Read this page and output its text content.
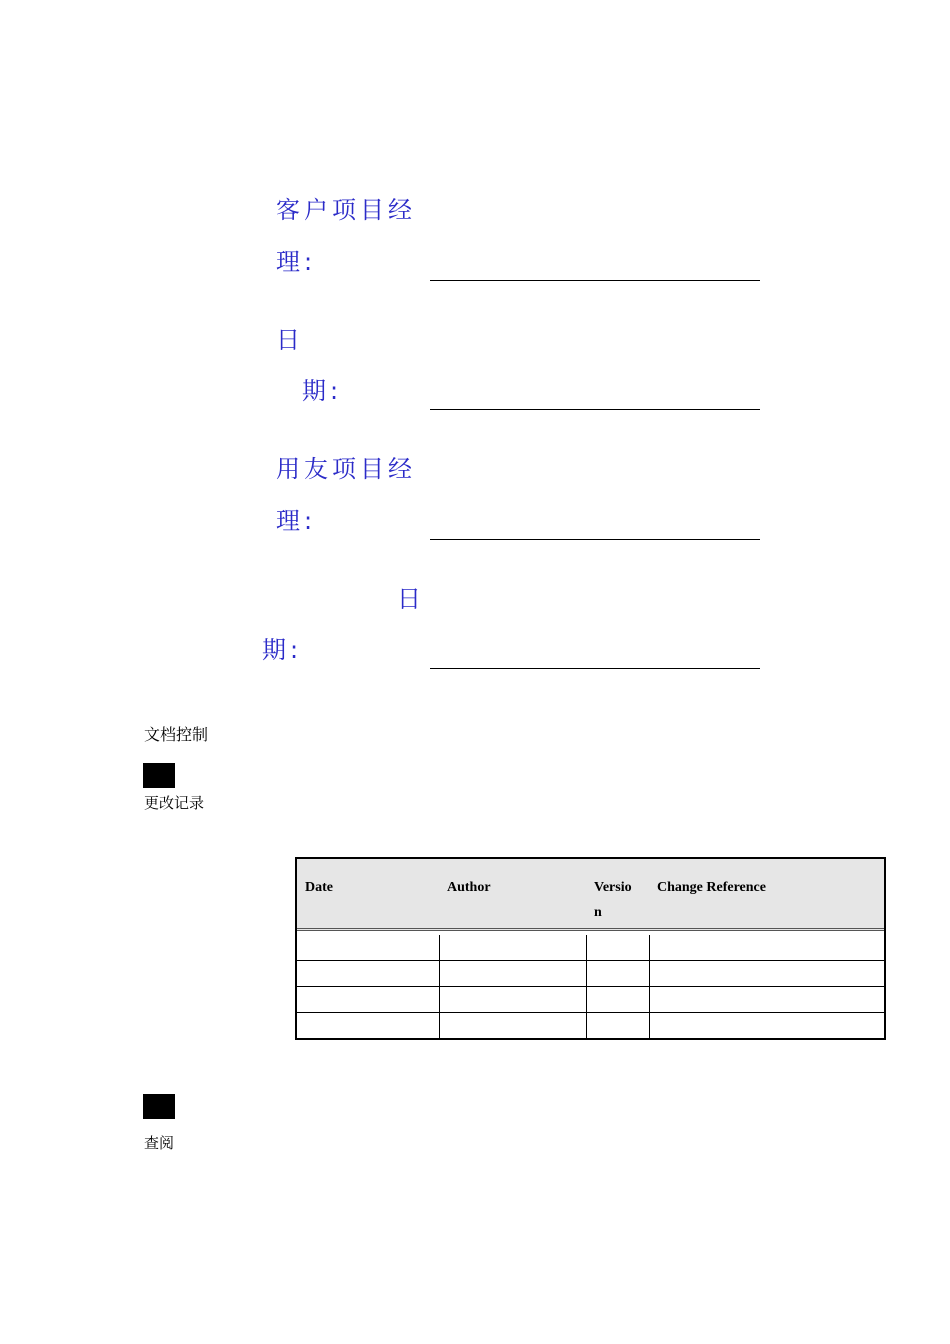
客户项目经
理:
日
期:
用友项目经
理:
日
期:
文档控制
更改记录
Date	Author	Versio
n
Change Reference
查阅
